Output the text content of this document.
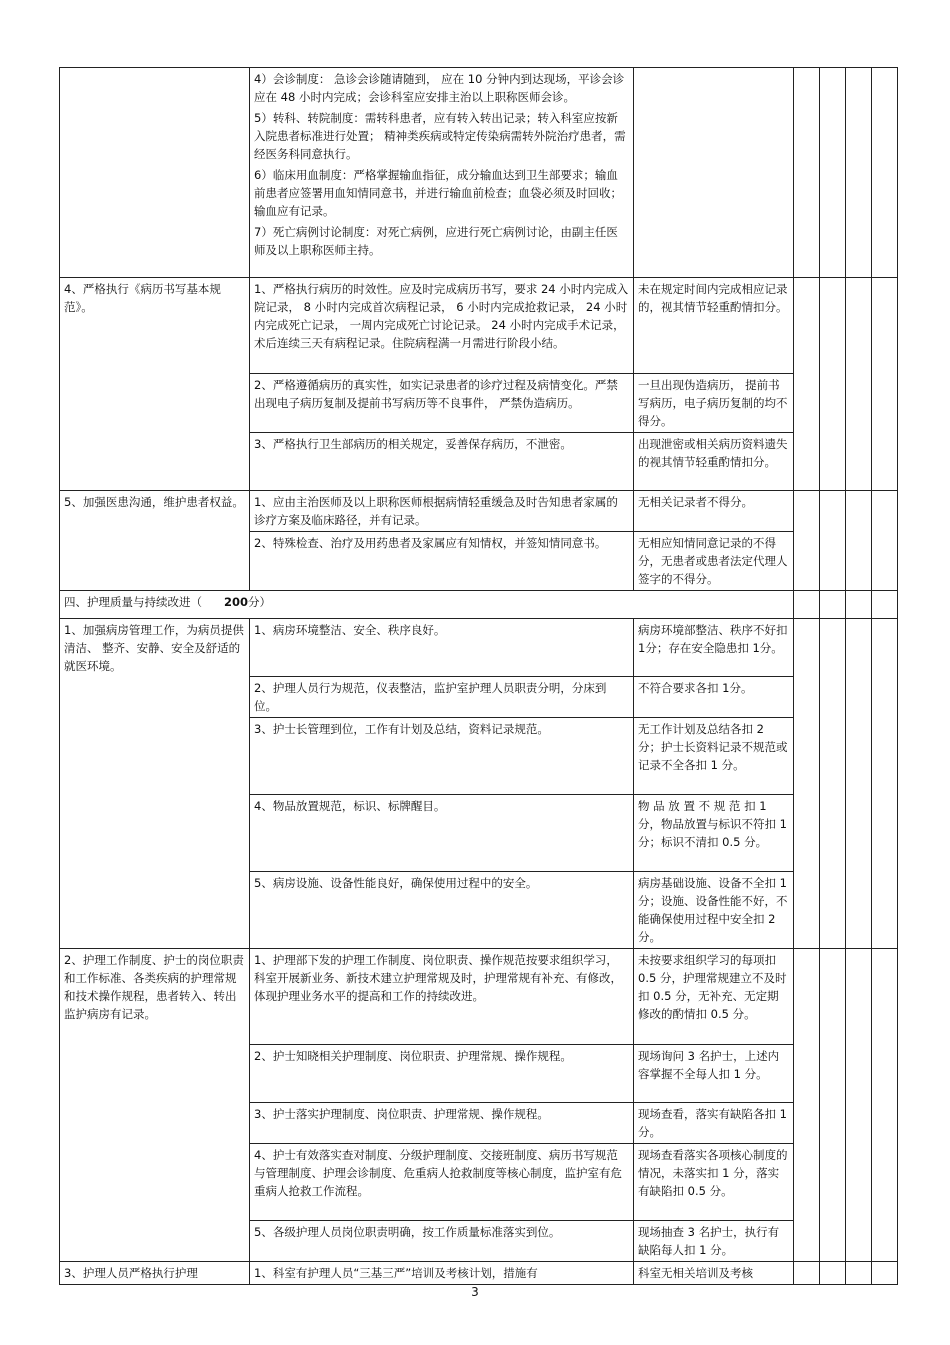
	4）会诊制度： 急诊会诊随请随到， 应在 10 分钟内到达现场，平诊会诊应在 48 小时内完成；会诊科室应安排主治以上职称医师会诊。

5）转科、转院制度：需转科患者，应有转入转出记录；转入科室应按新入院患者标准进行处置； 精神类疾病或特定传染病需转外院治疗患者，需经医务科同意执行。

6）临床用血制度：严格掌握输血指征，成分输血达到卫生部要求；输血前患者应签署用血知情同意书，并进行输血前检查；血袋必须及时回收；输血应有记录。

7）死亡病例讨论制度：对死亡病例，应进行死亡病例讨论，由副主任医师及以上职称医师主持。					

4、严格执行《病历书写基本规范》。	1、严格执行病历的时效性。应及时完成病历书写，要求 24 小时内完成入院记录， 8 小时内完成首次病程记录， 6 小时内完成抢救记录， 24 小时内完成死亡记录， 一周内完成死亡讨论记录。 24 小时内完成手术记录， 术后连续三天有病程记录。住院病程满一月需进行阶段小结。	未在规定时间内完成相应记录的，视其情节轻重酌情扣分。				
	2、严格遵循病历的真实性，如实记录患者的诊疗过程及病情变化。严禁出现电子病历复制及提前书写病历等不良事件， 严禁伪造病历。	一旦出现伪造病历， 提前书写病历，电子病历复制的均不得分。				
	3、严格执行卫生部病历的相关规定，妥善保存病历，不泄密。	出现泄密或相关病历资料遗失的视其情节轻重酌情扣分。				
5、加强医患沟通，维护患者权益。	1、应由主治医师及以上职称医师根据病情轻重缓急及时告知患者家属的诊疗方案及临床路径，并有记录。	无相关记录者不得分。				
	2、特殊检查、治疗及用药患者及家属应有知情权，并签知情同意书。	无相应知情同意记录的不得分，无患者或患者法定代理人签字的不得分。				
四、护理质量与持续改进（ 200分）						
1、加强病房管理工作，为病员提供清洁、 整齐、安静、安全及舒适的就医环境。	1、病房环境整洁、安全、秩序良好。	病房环境部整洁、秩序不好扣 1分；存在安全隐患扣 1分。				
	2、护理人员行为规范，仪表整洁，监护室护理人员职责分明，分床到位。	不符合要求各扣 1分。				
	3、护士长管理到位，工作有计划及总结，资料记录规范。	无工作计划及总结各扣 2 分；护士长资料记录不规范或记录不全各扣 1 分。				
	4、物品放置规范，标识、标牌醒目。	物 品 放 置 不 规 范 扣 1 分，物品放置与标识不符扣 1 分；标识不清扣 0.5 分。				
	5、病房设施、设备性能良好，确保使用过程中的安全。	病房基础设施、设备不全扣 1 分；设施、设备性能不好，不能确保使用过程中安全扣 2 分。				
2、护理工作制度、护士的岗位职责和工作标准、各类疾病的护理常规和技术操作规程，患者转入、转出监护病房有记录。	1、护理部下发的护理工作制度、岗位职责、操作规范按要求组织学习，科室开展新业务、新技术建立护理常规及时，护理常规有补充、有修改，体现护理业务水平的提高和工作的持续改进。	未按要求组织学习的每项扣 0.5 分，护理常规建立不及时扣 0.5 分，无补充、无定期修改的酌情扣 0.5 分。				
	2、护士知晓相关护理制度、岗位职责、护理常规、操作规程。	现场询问 3 名护士，上述内容掌握不全每人扣 1 分。				
	3、护士落实护理制度、岗位职责、护理常规、操作规程。	现场查看，落实有缺陷各扣 1 分。				
	4、护士有效落实查对制度、分级护理制度、交接班制度、病历书写规范与管理制度、护理会诊制度、危重病人抢救制度等核心制度，监护室有危重病人抢救工作流程。	现场查看落实各项核心制度的情况，未落实扣 1 分，落实有缺陷扣 0.5 分。				
	5、各级护理人员岗位职责明确，按工作质量标准落实到位。	现场抽查 3 名护士，执行有缺陷每人扣 1 分。				
3、护理人员严格执行护理	1、科室有护理人员“三基三严”培训及考核计划，措施有	科室无相关培训及考核				
3
